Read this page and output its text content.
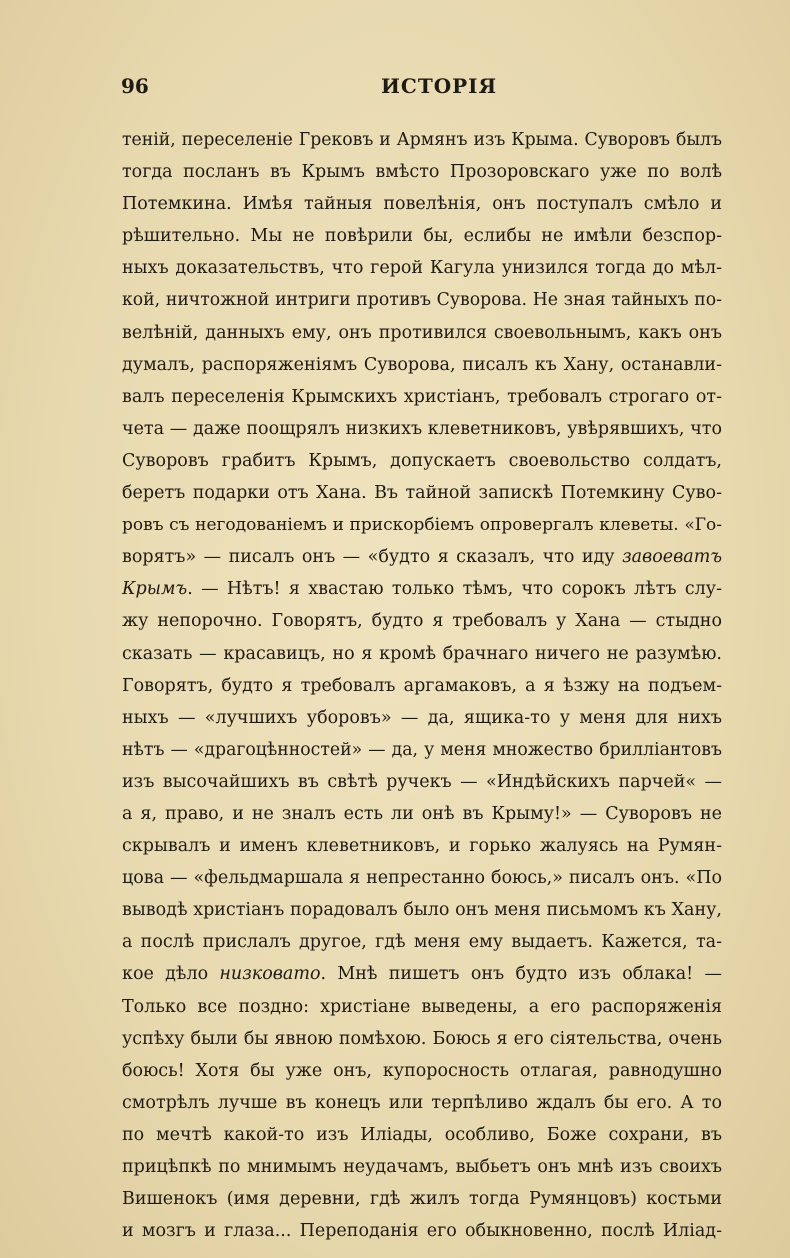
96	ИСТОРІЯ
тенiй, переселенiе Грековъ и Армянъ изъ Крыма. Суворовъ былъ
тогда посланъ въ Крымъ вмѣсто Прозоровскаго уже по волѣ
Потемкина. Имѣя тайныя повелѣнiя, онъ поступалъ смѣло и
рѣшительно. Мы не повѣрили бы, еслибы не имѣли безспор-
ныхъ доказательствъ, что герой Кагула унизился тогда до мѣл-
кой, ничтожной интриги противъ Суворова. Не зная тайныхъ по-
велѣнiй, данныхъ ему, онъ противился своевольнымъ, какъ онъ
думалъ, распоряженiямъ Суворова, писалъ къ Хану, останавли-
валъ переселенiя Крымскихъ христiанъ, требовалъ строгаго от-
чета — даже поощрялъ низкихъ клеветниковъ, увѣрявшихъ, что
Суворовъ грабитъ Крымъ, допускаетъ своевольство солдатъ,
беретъ подарки отъ Хана. Въ тайной запискѣ Потемкину Суво-
ровъ съ негодованiемъ и прискорбiемъ опровергалъ клеветы. «Го-
ворятъ» — писалъ онъ — «будто я сказалъ, что иду завоеватъ
Крымъ. — Нѣтъ! я хвастаю только тѣмъ, что сорокъ лѣтъ слу-
жу непорочно. Говорятъ, будто я требовалъ у Хана — стыдно
сказать — красавицъ, но я кромѣ брачнаго ничего не разумѣю.
Говорятъ, будто я требовалъ аргамаковъ, а я ѣзжу на подъем-
ныхъ — «лучшихъ уборовъ» — да, ящика-то у меня для нихъ
нѣтъ — «драгоцѣнностей» — да, у меня множество бриллiантовъ
изъ высочайшихъ въ свѣтѣ ручекъ — «Индѣйскихъ парчей« —
а я, право, и не зналъ есть ли онѣ въ Крыму!» — Суворовъ не
скрывалъ и именъ клеветниковъ, и горько жалуясь на Румян-
цова — «фельдмаршала я непрестанно боюсь,» писалъ онъ. «По
выводѣ христiанъ порадовалъ было онъ меня письмомъ къ Хану,
а послѣ прислалъ другое, гдѣ меня ему выдаетъ. Кажется, та-
кое дѣло низковато. Мнѣ пишетъ онъ будто изъ облака! —
Только все поздно: христiане выведены, а его распоряженiя
успѣху были бы явною помѣхою. Боюсь я его сiятельства, очень
боюсь! Хотя бы уже онъ, купоросность отлагая, равнодушно
смотрѣлъ лучше въ конецъ или терпѣливо ждалъ бы его. А то
по мечтѣ какой-то изъ Илiады, особливо, Боже сохрани, въ
прицѣпкѣ по мнимымъ неудачамъ, выбьетъ онъ мнѣ изъ своихъ
Вишенокъ (имя деревни, гдѣ жилъ тогда Румянцовъ) костьми
и мозгъ и глаза... Переподанiя его обыкновенно, послѣ Илiад-
